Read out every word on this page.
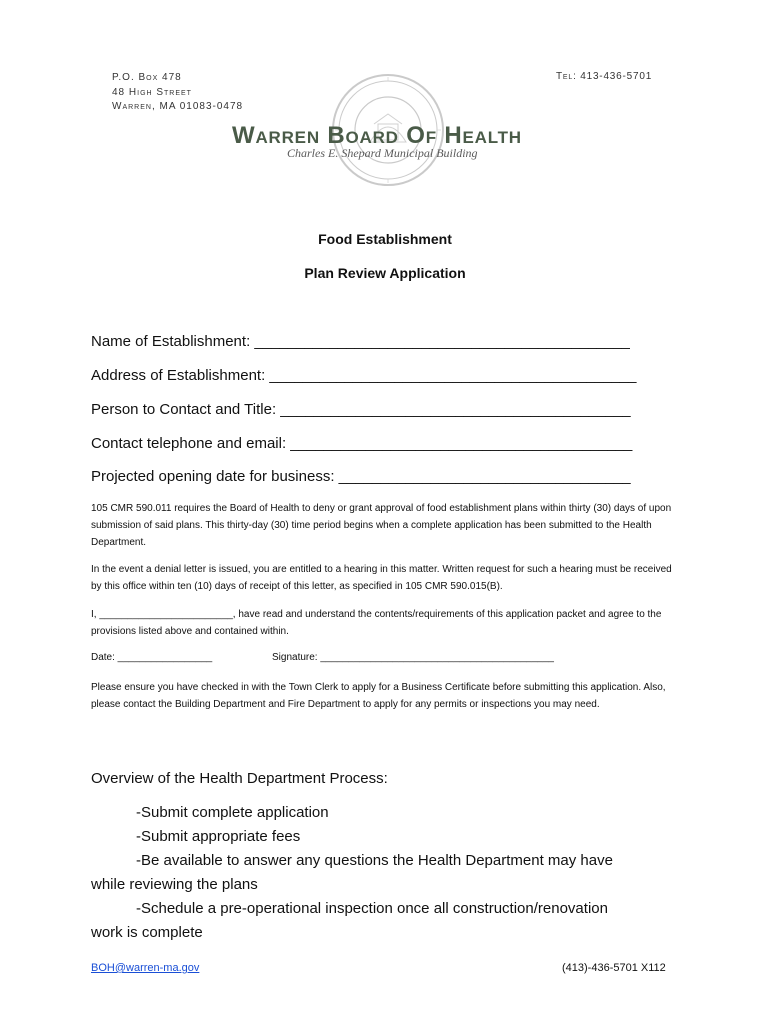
P.O. Box 478
48 High Street
Warren, MA 01083-0478
Tel: 413-436-5701
Warren Board Of Health
Charles E. Shepard Municipal Building
Food Establishment
Plan Review Application
Name of Establishment: _____________________________________________
Address of Establishment: ____________________________________________
Person to Contact and Title: __________________________________________
Contact telephone and email: _________________________________________
Projected opening date for business: ___________________________________
105 CMR 590.011 requires the Board of Health to deny or grant approval of food establishment plans within thirty (30) days of upon submission of said plans. This thirty-day (30) time period begins when a complete application has been submitted to the Health Department.
In the event a denial letter is issued, you are entitled to a hearing in this matter. Written request for such a hearing must be received by this office within ten (10) days of receipt of this letter, as specified in 105 CMR 590.015(B).
I, ________________________, have read and understand the contents/requirements of this application packet and agree to the provisions listed above and contained within.
Date: _________________	Signature: __________________________________________
Please ensure you have checked in with the Town Clerk to apply for a Business Certificate before submitting this application. Also, please contact the Building Department and Fire Department to apply for any permits or inspections you may need.
Overview of the Health Department Process:
-Submit complete application
-Submit appropriate fees
-Be available to answer any questions the Health Department may have
while reviewing the plans
-Schedule a pre-operational inspection once all construction/renovation
work is complete
BOH@warren-ma.gov	(413)-436-5701 X112
